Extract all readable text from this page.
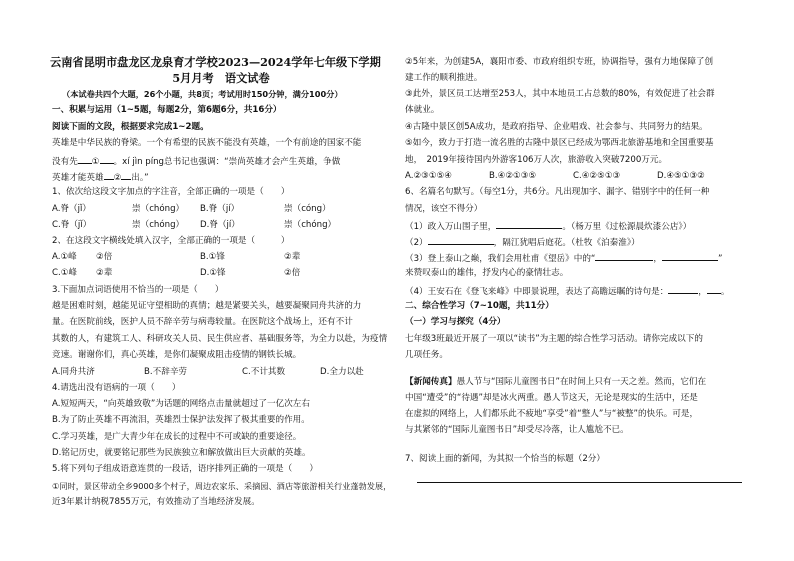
云南省昆明市盘龙区龙泉育才学校2023—2024学年七年级下学期
5月月考　语文试卷
（本试卷共四个大题，26个小题，共8页；考试用时150分钟，满分100分）
一、积累与运用（1~5题，每题2分，第6题6分，共16分）
阅读下面的文段，根据要求完成1~2题。
英雄是中华民族的脊梁。一个有希望的民族不能没有英雄，一个有前途的国家不能
没有先 ① 。xí jìn píng总书记也强调：“崇尚英雄才会产生英雄，争做
英雄才能英雄 ② 出。”
1、依次给这段文字加点的字注音，全部正确的一项是（　　）
A.脊（jǐ）	崇（chóng） B.脊（jí）	崇（cóng）
C.脊（jǐ）	崇（chóng） D.脊（jí）	崇（chóng）
2、在这段文字横线处填入汉字，全部正确的一项是（　　　）
A.①峰 ②倍	B.①锋	②辈
C.①峰 ②辈	D.①锋	②倍
3.下面加点词语使用不恰当的一项是（　　）
越是困难时刻，越能见证守望相助的真情；越是紧要关头，越要凝聚同舟共济的力
量。在医院前线，医护人员不辞辛劳与病毒较量。在医院这个战场上，还有不计
其数的人，有建筑工人、科研攻关人员、民生供应者、基础服务等，为全力以赴，为疫情
竞速。谢谢你们，真心英雄，是你们凝聚成阻击疫情的钢铁长城。
A.同舟共济	B.不辞辛劳	C.不计其数	D.全力以赴
4.请选出没有语病的一项（　　）
A.短短两天，“向英雄致敬”为话题的网络点击量就超过了一亿次左右
B.为了防止英雄不再流泪，英雄烈士保护法发挥了极其重要的作用。
C.学习英雄，是广大青少年在成长的过程中不可或缺的重要途径。
D.铭记历史，就要铭记那些为民族独立和解放做出巨大贡献的英雄。
5.将下列句子组成语意连贯的一段话，语序排列正确的一项是（　　）
①同时，景区带动全乡9000多个村子，周边农家乐、采摘园、酒店等旅游相关行业蓬勃发展，
近3年累计纳税7855万元，有效推动了当地经济发展。
②5年来，为创建5A，襄阳市委、市政府组织专班，协调指导，强有力地保障了创
建工作的顺利推进。
③此外，景区员工达增至253人，其中本地员工占总数的80%，有效促进了社会群
体就业。
④古隆中景区创5A成功，是政府指导、企业唱戏、社会参与、共同努力的结果。
⑤如今，致力于打造一流名胜的古隆中景区已经成为鄂西北旅游基地和全国重要基
地，　2019年接待国内外游客106万人次，旅游收入突破7200万元。
A.②③①⑤④	B.④②①③⑤	C.④②⑤①③	D.④⑤①③②
6、名篇名句默写。（每空1分，共6分。凡出现加字、漏字、错别字中的任何一种
情况，该空不得分）
（1）政入万山围子里，	。（杨万里《过松源晨炊漆公店》）
（2）	，隔江犹唱后庭花。（杜牧《泊秦淮》）
（3）登上泰山之巅，我们会用杜甫《望岳》中的“	，	”
来赞叹泰山的雄伟，抒发内心的豪情壮志。
（4）王安石在《登飞来峰》中即景说理，表达了高瞻远瞩的诗句是：	， 。
二、综合性学习（7~10题，共11分）
（一）学习与探究（4分）
七年级3班最近开展了一项以“读书”为主题的综合性学习活动。请你完成以下的
几项任务。
【新闻传真】愚人节与“国际儿童图书日”在时间上只有一天之差。然而，它们在
中国“遭受”的“待遇”却是冰火两重。愚人节这天，无论是现实的生活中，还是
在虚拟的网络上，人们都乐此不疲地“享受”着“整人”与“被整”的快乐。可是，
与其紧邻的“国际儿童图书日”却受尽冷落，让人尴尬不已。
7、阅读上面的新闻，为其拟一个恰当的标题（2分）
